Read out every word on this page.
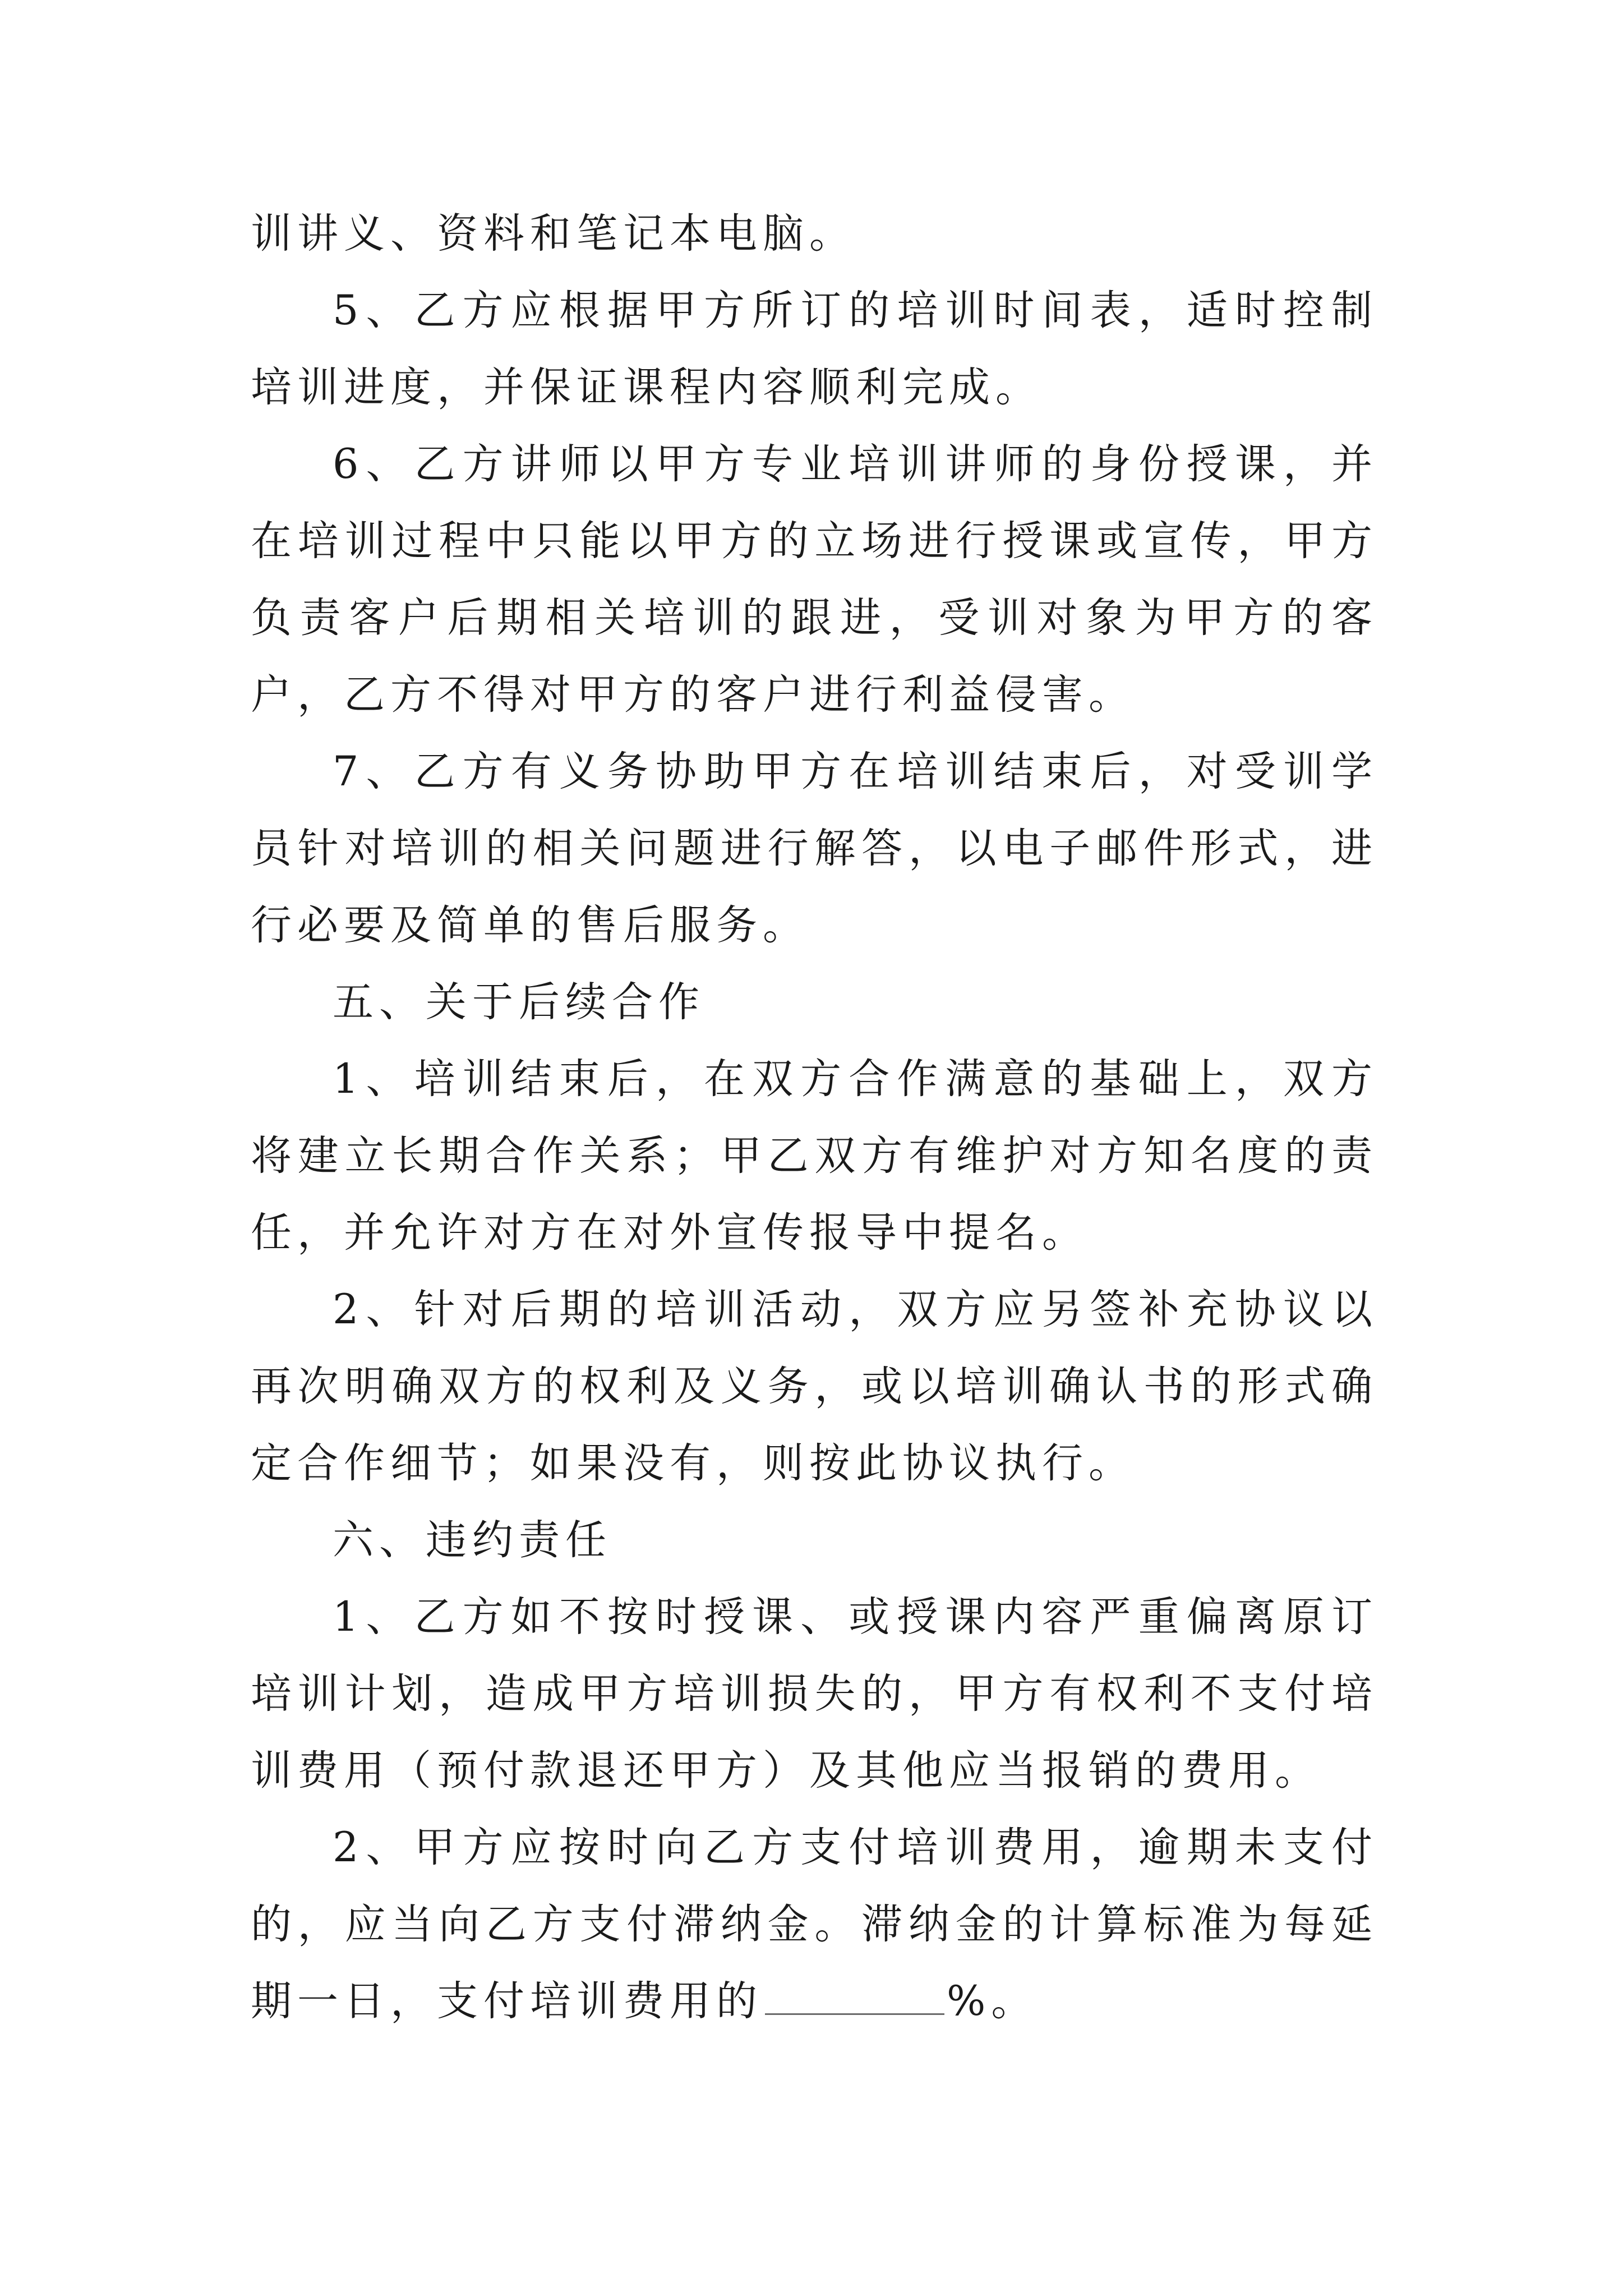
训讲义、资料和笔记本电脑。

5、乙方应根据甲方所订的培训时间表，适时控制培训进度，并保证课程内容顺利完成。

6、乙方讲师以甲方专业培训讲师的身份授课，并在培训过程中只能以甲方的立场进行授课或宣传，甲方负责客户后期相关培训的跟进，受训对象为甲方的客户，乙方不得对甲方的客户进行利益侵害。

7、乙方有义务协助甲方在培训结束后，对受训学员针对培训的相关问题进行解答，以电子邮件形式，进行必要及简单的售后服务。

五、关于后续合作

1、培训结束后，在双方合作满意的基础上，双方将建立长期合作关系；甲乙双方有维护对方知名度的责任，并允许对方在对外宣传报导中提名。

2、针对后期的培训活动，双方应另签补充协议以再次明确双方的权利及义务，或以培训确认书的形式确定合作细节；如果没有，则按此协议执行。

六、违约责任

1、乙方如不按时授课、或授课内容严重偏离原订培训计划，造成甲方培训损失的，甲方有权利不支付培训费用（预付款退还甲方）及其他应当报销的费用。

2、甲方应按时向乙方支付培训费用，逾期未支付的，应当向乙方支付滞纳金。滞纳金的计算标准为每延期一日，支付培训费用的	%。
